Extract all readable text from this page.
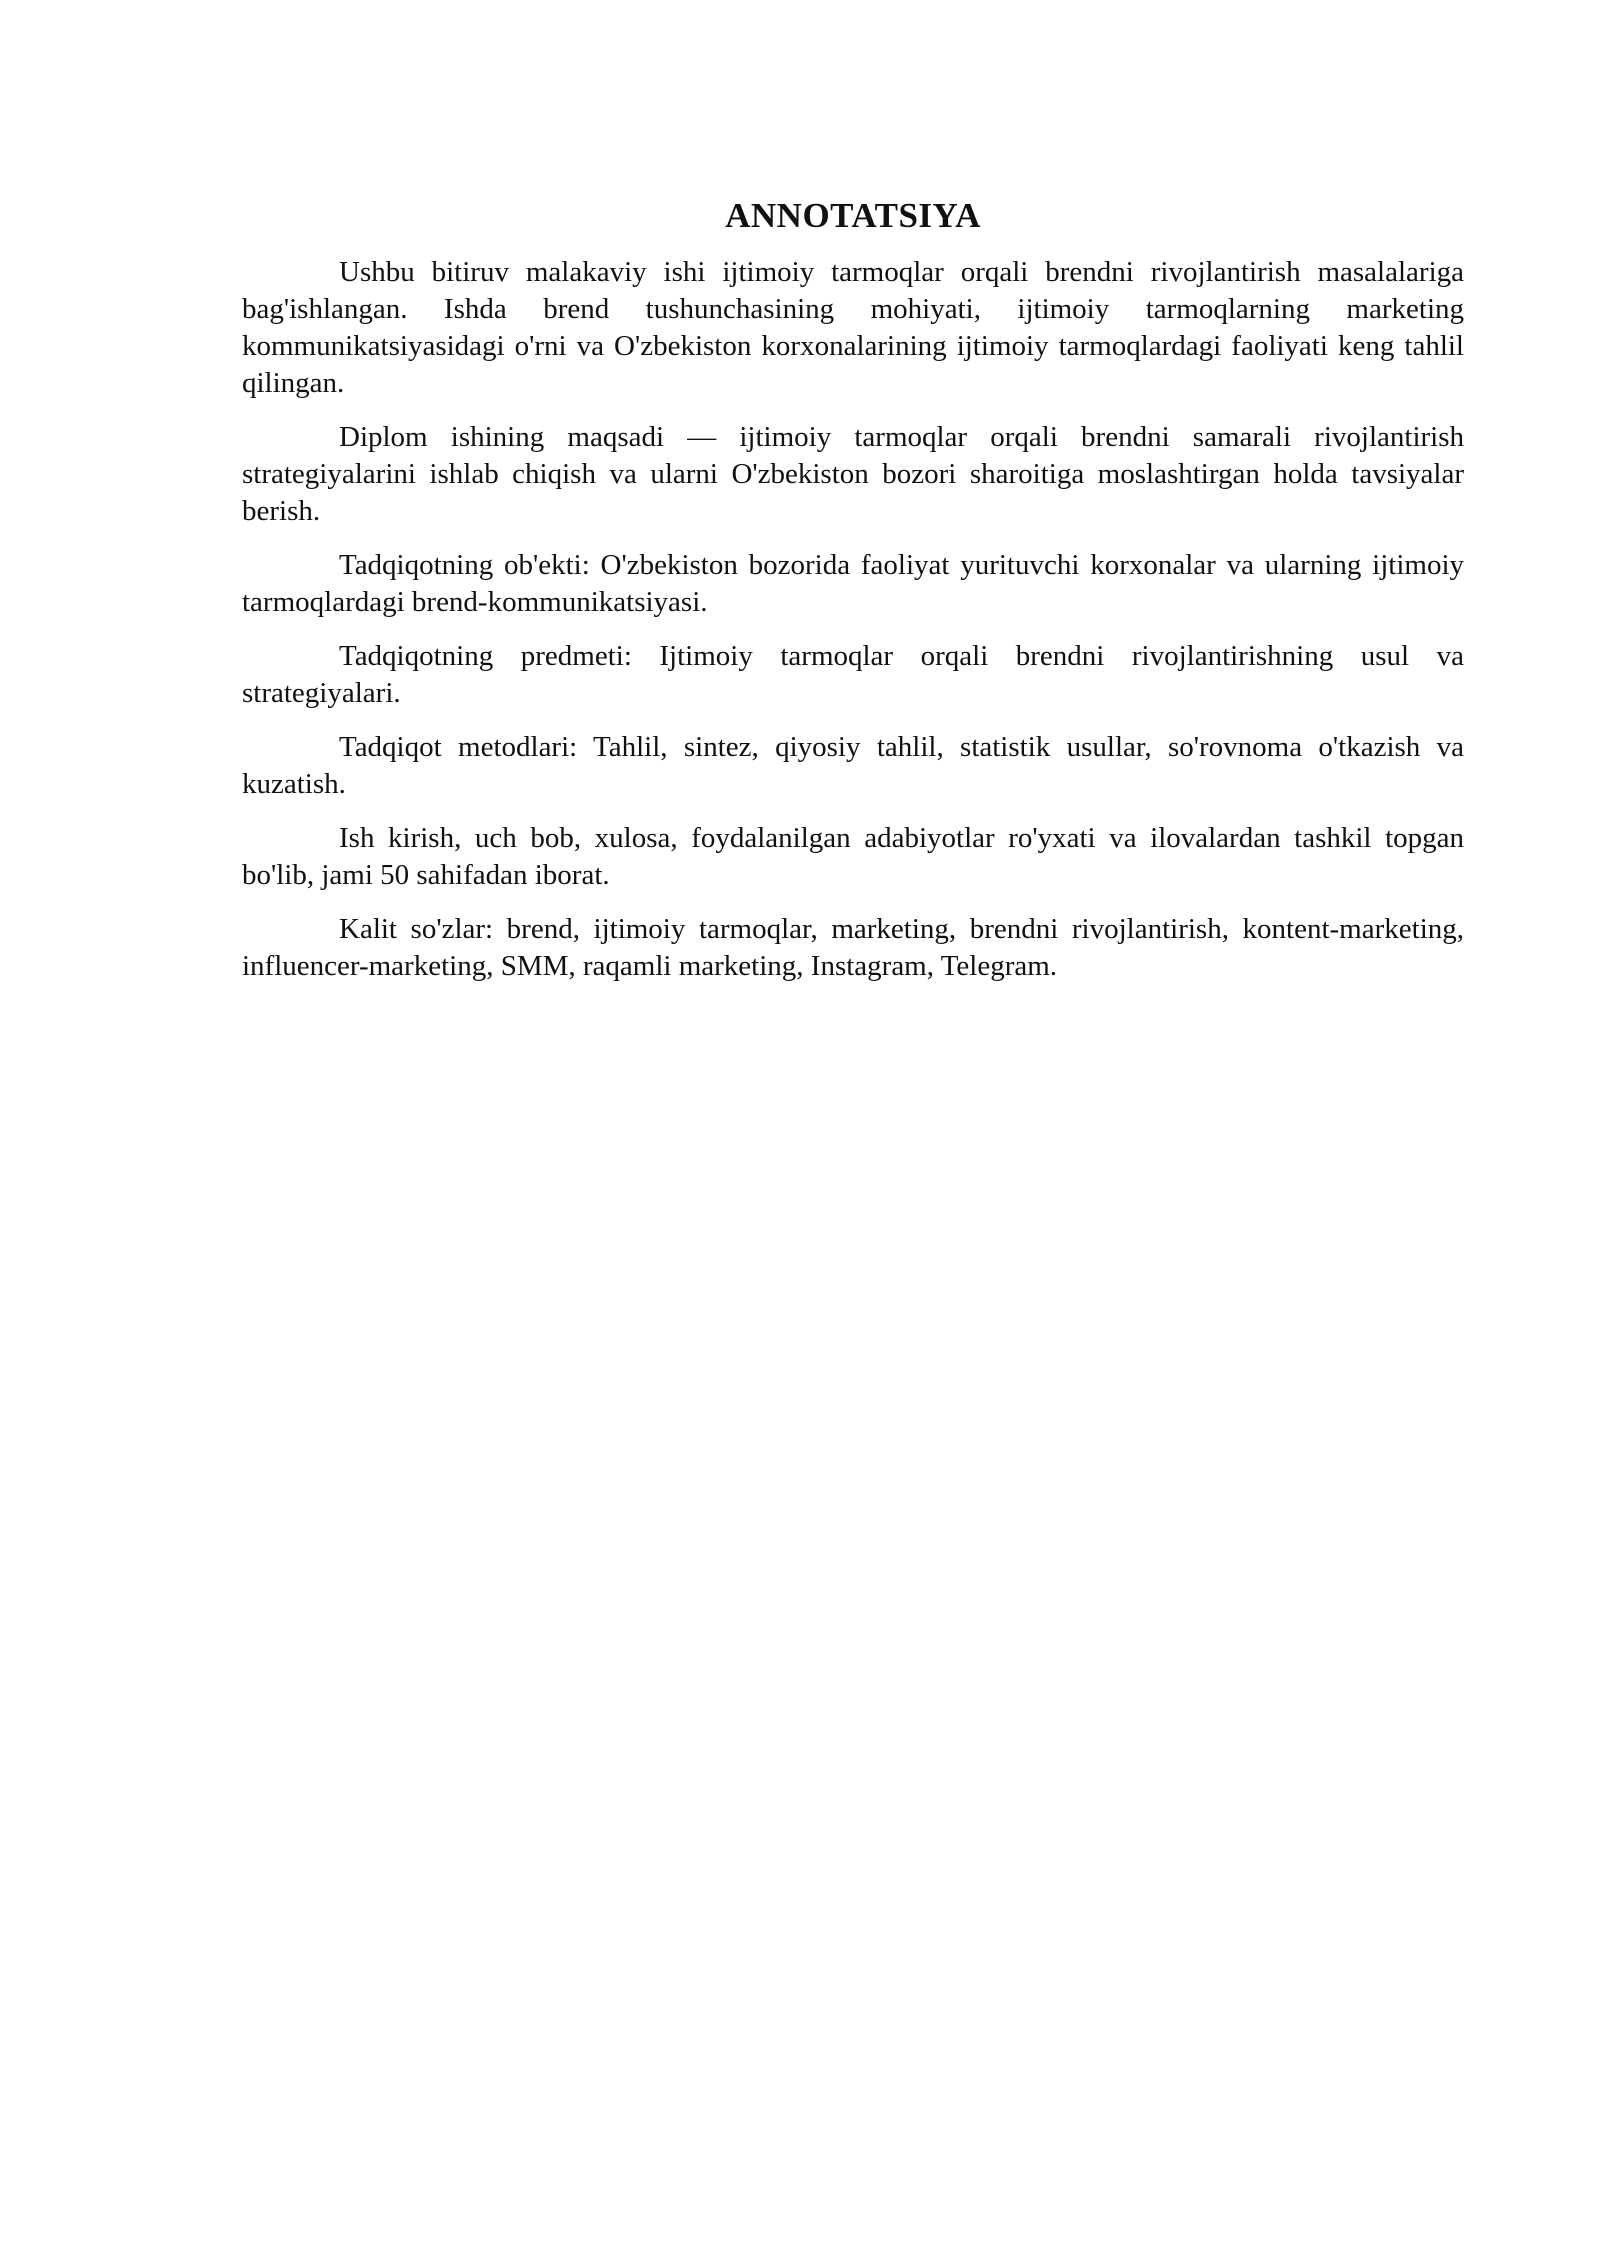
ANNOTATSIYA

Ushbu bitiruv malakaviy ishi ijtimoiy tarmoqlar orqali brendni rivojlantirish masalalariga bag'ishlangan. Ishda brend tushunchasining mohiyati, ijtimoiy tarmoqlarning marketing kommunikatsiyasidagi o'rni va O'zbekiston korxonalarining ijtimoiy tarmoqlardagi faoliyati keng tahlil qilingan.

Diplom ishining maqsadi — ijtimoiy tarmoqlar orqali brendni samarali rivojlantirish strategiyalarini ishlab chiqish va ularni O'zbekiston bozori sharoitiga moslashtirgan holda tavsiyalar berish.

Tadqiqotning ob'ekti: O'zbekiston bozorida faoliyat yurituvchi korxonalar va ularning ijtimoiy tarmoqlardagi brend-kommunikatsiyasi.

Tadqiqotning predmeti: Ijtimoiy tarmoqlar orqali brendni rivojlantirishning usul va strategiyalari.

Tadqiqot metodlari: Tahlil, sintez, qiyosiy tahlil, statistik usullar, so'rovnoma o'tkazish va kuzatish.

Ish kirish, uch bob, xulosa, foydalanilgan adabiyotlar ro'yxati va ilovalardan tashkil topgan bo'lib, jami 50 sahifadan iborat.

Kalit so'zlar: brend, ijtimoiy tarmoqlar, marketing, brendni rivojlantirish, kontent-marketing, influencer-marketing, SMM, raqamli marketing, Instagram, Telegram.
